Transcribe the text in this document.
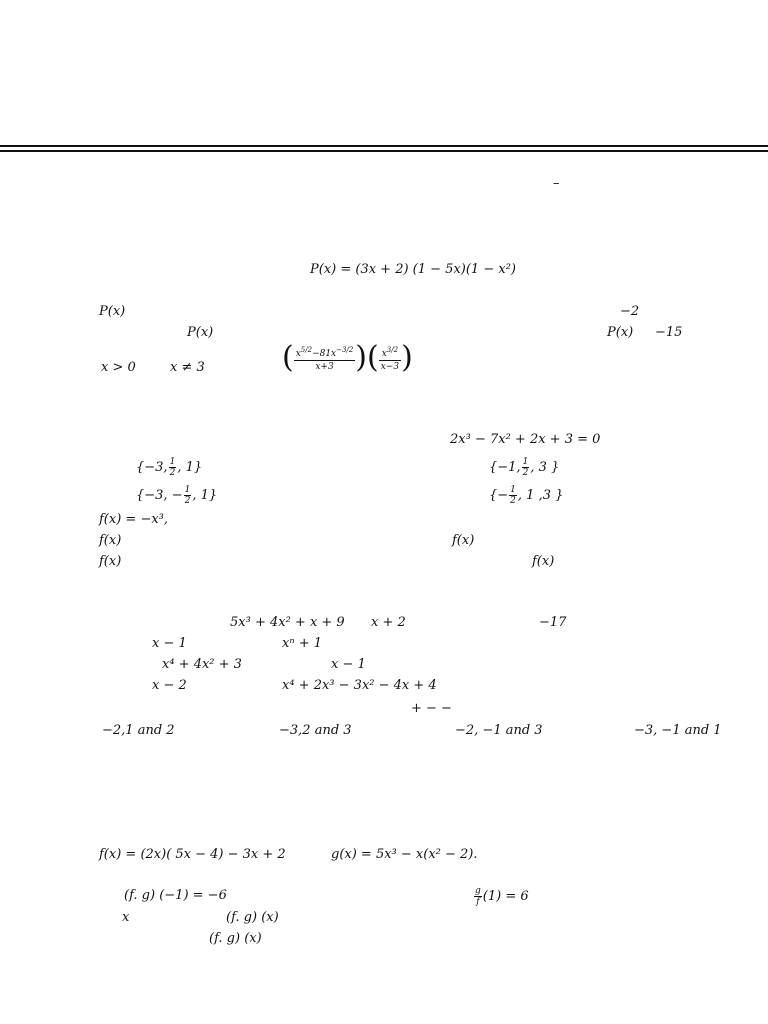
–
P(x) = (3x + 2) (1 − 5x)(1 − x²)
P(x)	−2
P(x)	P(x) −15
x > 0	x ≠ 3	( $\frac{x^{5/2}-81x^{-3/2}}{x+3}$ )( $\frac{x^{3/2}}{x-3}$ )
2x³ − 7x² + 2x + 3 = 0
{−3, $\frac{1}{2}$ , 1}	{−1, $\frac{1}{2}$ , 3 }
{−3, − $\frac{1}{2}$ , 1}	{− $\frac{1}{2}$ , 1 ,3 }
f(x) = −x³,
f(x)	f(x)
f(x)	f(x)
5x³ + 4x² + x + 9 x + 2	−17
x − 1	xⁿ + 1
x⁴ + 4x² + 3	x − 1
x − 2	x⁴ + 2x³ − 3x² − 4x + 4
+ − −
−2,1 and 2	−3,2 and 3	−2, −1 and 3	−3, −1 and 1
f(x) = (2x)( 5x − 4) − 3x + 2	g(x) = 5x³ − x(x² − 2).
(f. g) (−1) = −6	$\frac{g}{f} (1) = 6$
x	(f. g) (x)
(f. g) (x)
